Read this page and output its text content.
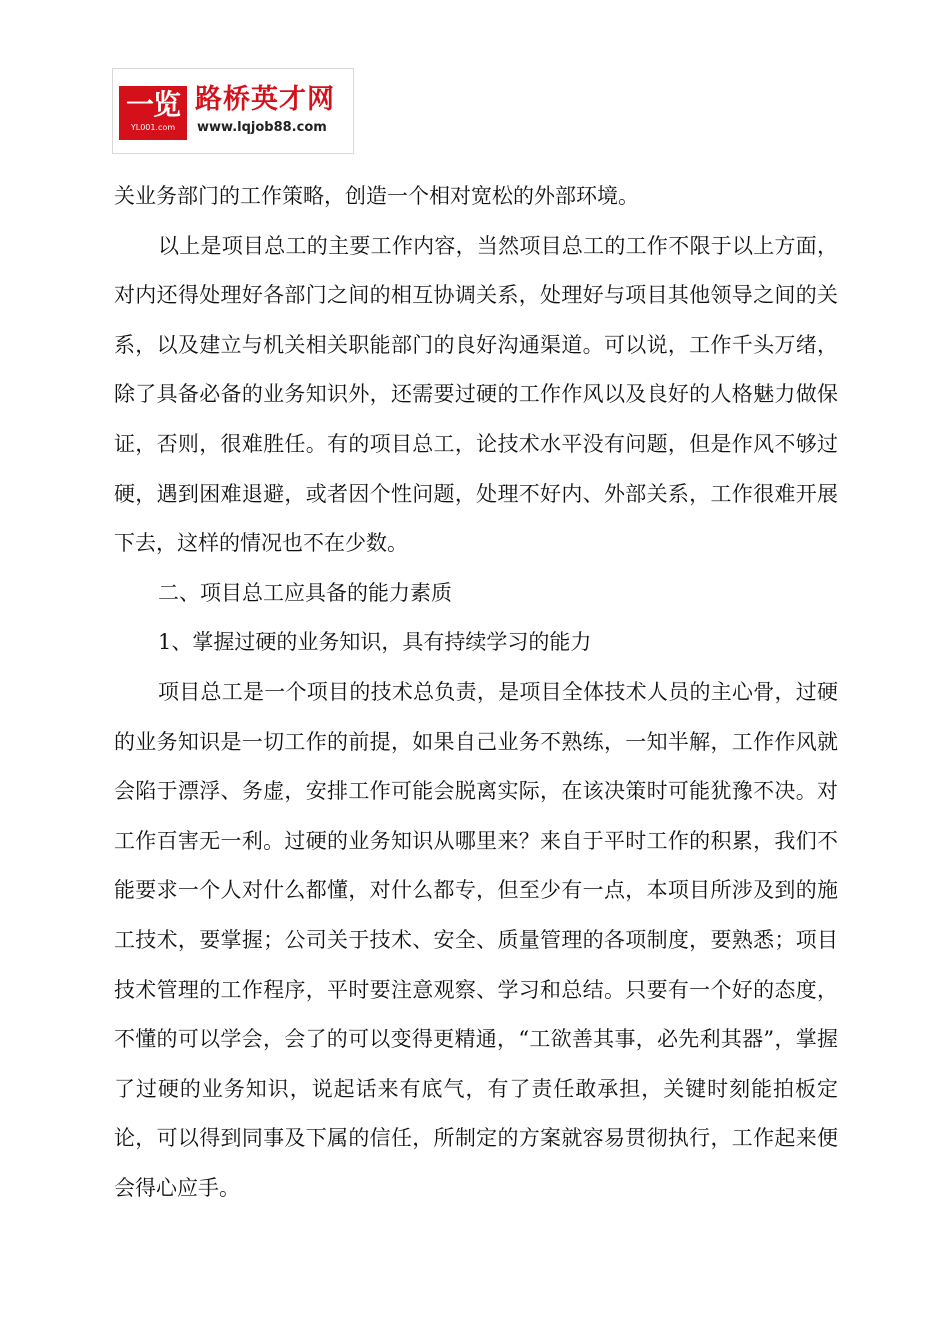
一览
YL001.com
路桥英才网
www.lqjob88.com

关业务部门的工作策略，创造一个相对宽松的外部环境。

以上是项目总工的主要工作内容，当然项目总工的工作不限于以上方面，对内还得处理好各部门之间的相互协调关系，处理好与项目其他领导之间的关系，以及建立与机关相关职能部门的良好沟通渠道。可以说，工作千头万绪，除了具备必备的业务知识外，还需要过硬的工作作风以及良好的人格魅力做保证，否则，很难胜任。有的项目总工，论技术水平没有问题，但是作风不够过硬，遇到困难退避，或者因个性问题，处理不好内、外部关系，工作很难开展下去，这样的情况也不在少数。

二、项目总工应具备的能力素质

1、掌握过硬的业务知识，具有持续学习的能力

项目总工是一个项目的技术总负责，是项目全体技术人员的主心骨，过硬的业务知识是一切工作的前提，如果自己业务不熟练，一知半解，工作作风就会陷于漂浮、务虚，安排工作可能会脱离实际，在该决策时可能犹豫不决。对工作百害无一利。过硬的业务知识从哪里来？来自于平时工作的积累，我们不能要求一个人对什么都懂，对什么都专，但至少有一点，本项目所涉及到的施工技术，要掌握；公司关于技术、安全、质量管理的各项制度，要熟悉；项目技术管理的工作程序，平时要注意观察、学习和总结。只要有一个好的态度，不懂的可以学会，会了的可以变得更精通，“工欲善其事，必先利其器”，掌握了过硬的业务知识，说起话来有底气，有了责任敢承担，关键时刻能拍板定论，可以得到同事及下属的信任，所制定的方案就容易贯彻执行，工作起来便会得心应手。
